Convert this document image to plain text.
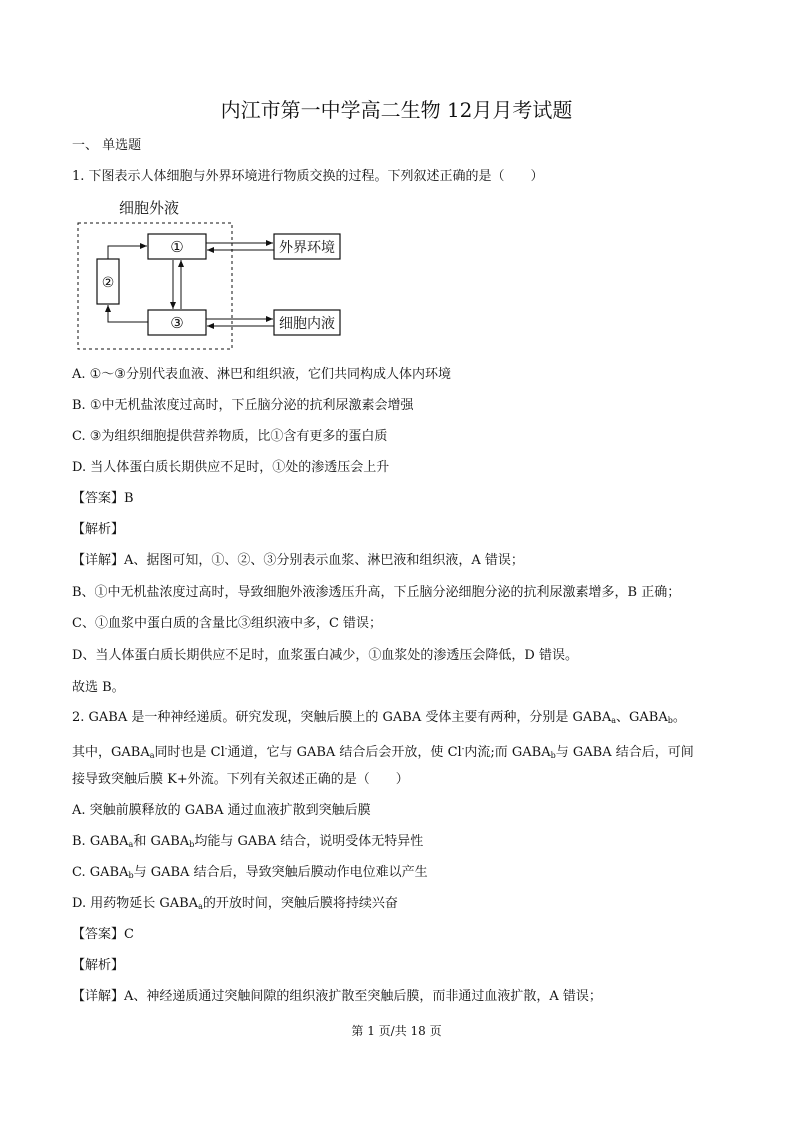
内江市第一中学高二生物 12月月考试题
一、 单选题
1. 下图表示人体细胞与外界环境进行物质交换的过程。下列叙述正确的是（　　）
细胞外液
①
②
③
外界环境
细胞内液
A. ①～③分别代表血液、淋巴和组织液，它们共同构成人体内环境
B. ①中无机盐浓度过高时，下丘脑分泌的抗利尿激素会增强
C. ③为组织细胞提供营养物质，比①含有更多的蛋白质
D. 当人体蛋白质长期供应不足时，①处的渗透压会上升
【答案】B
【解析】
【详解】A、据图可知，①、②、③分别表示血浆、淋巴液和组织液，A 错误；
B、①中无机盐浓度过高时，导致细胞外液渗透压升高，下丘脑分泌细胞分泌的抗利尿激素增多，B 正确；
C、①血浆中蛋白质的含量比③组织液中多，C 错误；
D、当人体蛋白质长期供应不足时，血浆蛋白减少，①血浆处的渗透压会降低，D 错误。
故选 B。
2. GABA 是一种神经递质。研究发现，突触后膜上的 GABA 受体主要有两种，分别是 $GABA_a$、$GABA_b$。
其中，$GABA_a$同时也是 Cl-通道，它与 GABA 结合后会开放，使 Cl-内流;而 $GABA_b$与 GABA 结合后，可间
接导致突触后膜 K+外流。下列有关叙述正确的是（　　）
A. 突触前膜释放的 GABA 通过血液扩散到突触后膜
B. $GABA_a$和 $GABA_b$均能与 GABA 结合，说明受体无特异性
C. $GABA_b$与 GABA 结合后，导致突触后膜动作电位难以产生
D. 用药物延长 $GABA_a$的开放时间，突触后膜将持续兴奋
【答案】C
【解析】
【详解】A、神经递质通过突触间隙的组织液扩散至突触后膜，而非通过血液扩散，A 错误；
第 1 页/共 18 页
